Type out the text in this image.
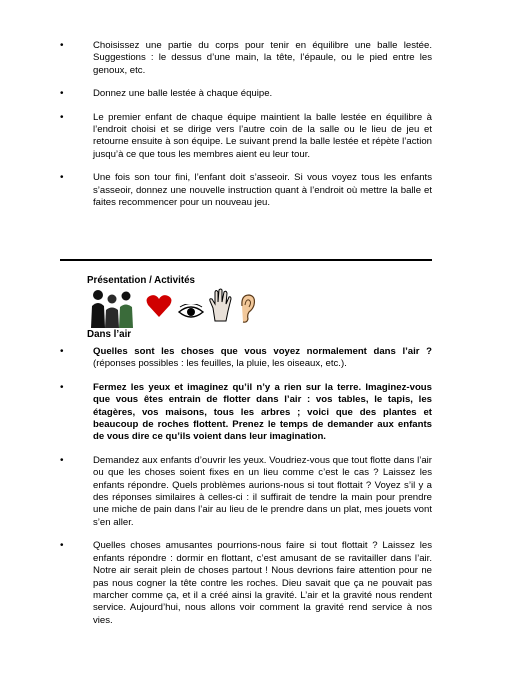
•	Choisissez une partie du corps pour tenir en équilibre une balle lestée. Suggestions : le dessus d’une main, la tête, l’épaule, ou le pied entre les genoux, etc.
•	Donnez une balle lestée à chaque équipe.
•	Le premier enfant de chaque équipe maintient la balle lestée en équilibre à l’endroit choisi et se dirige vers l’autre coin de la salle ou le lieu de jeu et retourne ensuite à son équipe. Le suivant prend la balle lestée et répète l’action jusqu’à ce que tous les membres aient eu leur tour.
•	Une fois son tour fini, l’enfant doit s’asseoir. Si vous voyez tous les enfants s’asseoir, donnez une nouvelle instruction quant à l’endroit où mettre la balle et faites recommencer pour un nouveau jeu.
Présentation / Activités
Dans l’air
•	Quelles sont les choses que vous voyez normalement dans l’air ? (réponses possibles : les feuilles, la pluie, les oiseaux, etc.).
•	Fermez les yeux et imaginez qu’il n’y a rien sur la terre. Imaginez-vous que vous êtes entrain de flotter dans l’air : vos tables, le tapis, les étagères, vos maisons, tous les arbres ; voici que des plantes et beaucoup de roches flottent. Prenez le temps de demander aux enfants de vous dire ce qu’ils voient dans leur imagination.
•	Demandez aux enfants d’ouvrir les yeux. Voudriez-vous que tout flotte dans l’air ou que les choses soient fixes en un lieu comme c’est le cas ? Laissez les enfants répondre. Quels problèmes aurions-nous si tout flottait ? Voyez s’il y a des réponses similaires à celles-ci : il suffirait de tendre la main pour prendre une miche de pain dans l’air au lieu de le prendre dans un plat, mes jouets vont s’en aller.
•	Quelles choses amusantes pourrions-nous faire si tout flottait ? Laissez les enfants répondre : dormir en flottant, c’est amusant de se ravitailler dans l’air. Notre air serait plein de choses partout ! Nous devrions faire attention pour ne pas nous cogner la tête contre les roches. Dieu savait que ça ne pouvait pas marcher comme ça, et il a créé ainsi la gravité. L’air et la gravité nous rendent service. Aujourd’hui, nous allons voir comment la gravité rend service à nos vies.
